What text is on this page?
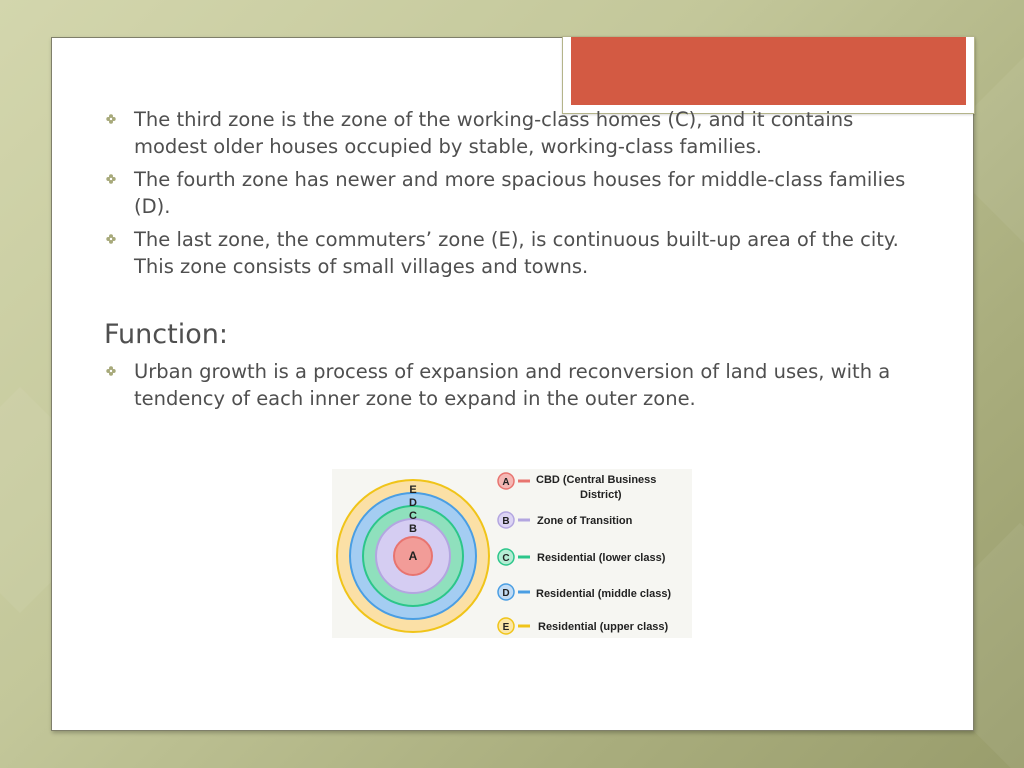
The third zone is the zone of the working-class homes (C), and it contains modest older houses occupied by stable, working-class families.
The fourth zone has newer and more spacious houses for middle-class families (D).
The last zone, the commuters’ zone (E), is continuous built-up area of the city. This zone consists of small villages and towns.
Function:
Urban growth is a process of expansion and reconversion of land uses, with a tendency of each inner zone to expand in the outer zone.
E
D
C
B
A
A CBD (Central Business
District)
B Zone of Transition
C Residential (lower class)
D Residential (middle class)
E	Residential (upper class)
